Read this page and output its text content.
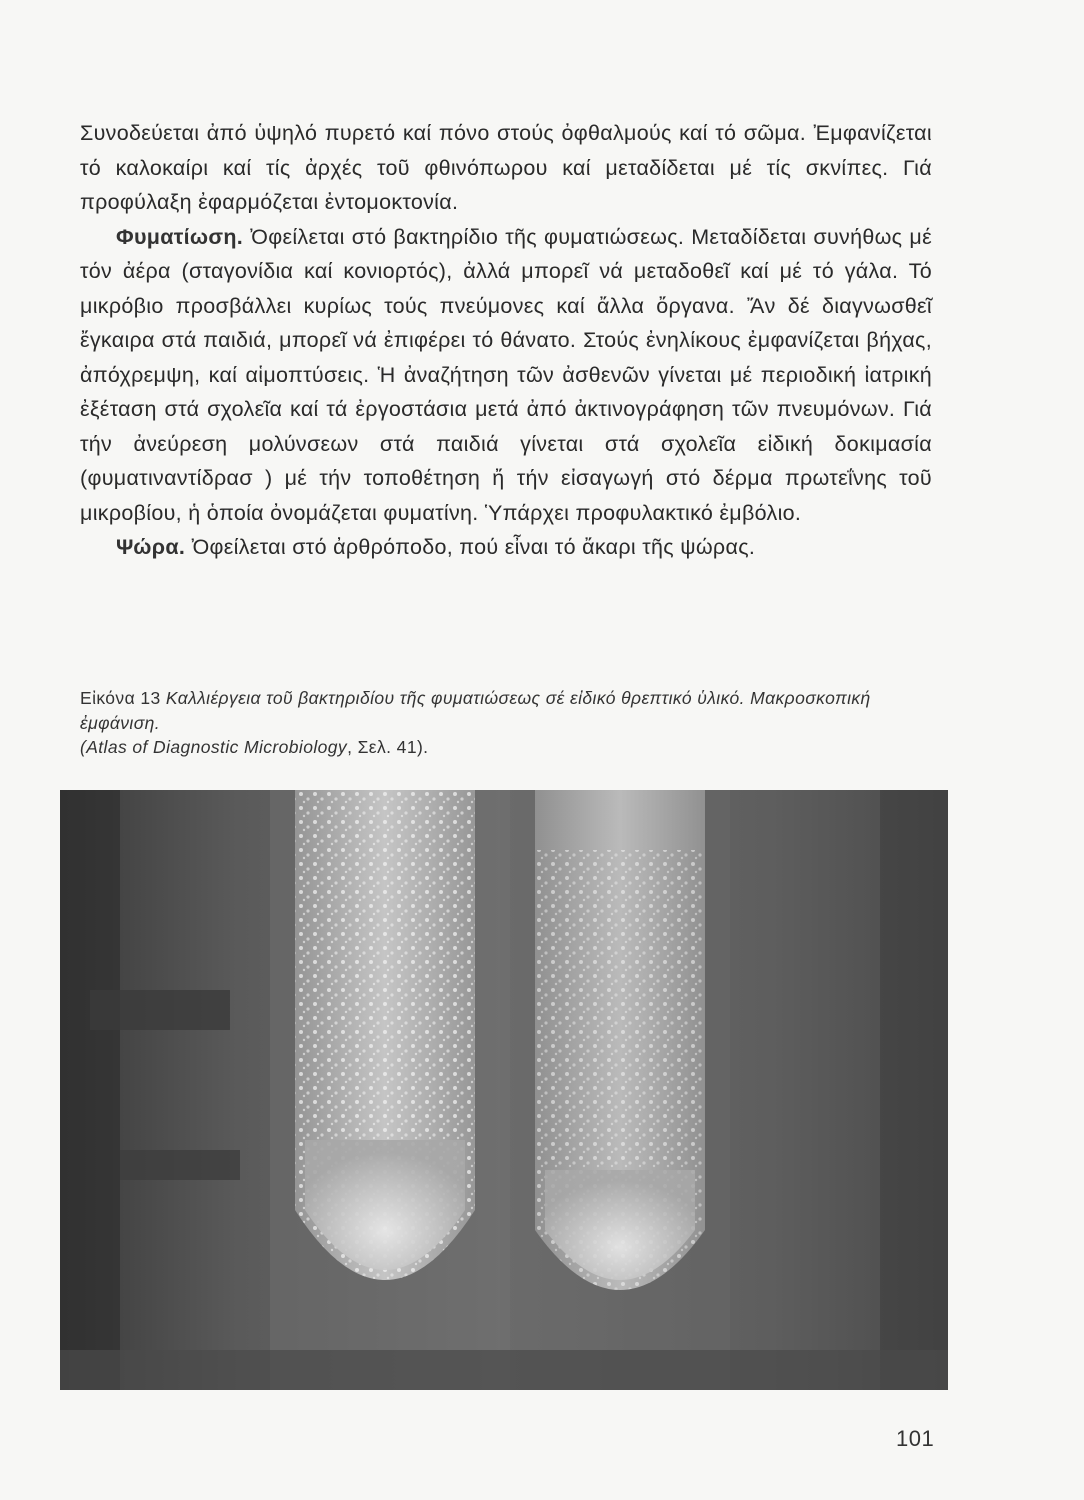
Συνοδεύεται ἀπό ὑψηλό πυρετό καί πόνο στούς ὀφθαλμούς καί τό σῶμα. Ἐμφανίζεται τό καλοκαίρι καί τίς ἀρχές τοῦ φθινόπωρου καί μεταδίδεται μέ τίς σκνίπες. Γιά προφύλαξη ἐφαρμόζεται ἐντομοκτονία.

Φυματίωση. Ὀφείλεται στό βακτηρίδιο τῆς φυματιώσεως. Μεταδίδεται συνήθως μέ τόν ἀέρα (σταγονίδια καί κονιορτός), ἀλλά μπορεῖ νά μεταδοθεῖ καί μέ τό γάλα. Τό μικρόβιο προσβάλλει κυρίως τούς πνεύμονες καί ἄλλα ὄργανα. Ἄν δέ διαγνωσθεῖ ἔγκαιρα στά παιδιά, μπορεῖ νά ἐπιφέρει τό θάνατο. Στούς ἐνηλίκους ἐμφανίζεται βήχας, ἀπόχρεμψη, καί αἱμοπτύσεις. Ἡ ἀναζήτηση τῶν ἀσθενῶν γίνεται μέ περιοδική ἰατρική ἐξέταση στά σχολεῖα καί τά ἐργοστάσια μετά ἀπό ἀκτινογράφηση τῶν πνευμόνων. Γιά τήν ἀνεύρεση μολύνσεων στά παιδιά γίνεται στά σχολεῖα εἰδική δοκιμασία (φυματιναντίδρασ ) μέ τήν τοποθέτηση ἤ τήν εἰσαγωγή στό δέρμα πρωτεΐνης τοῦ μικροβίου, ἡ ὁποία ὀνομάζεται φυματίνη. Ὑπάρχει προφυλακτικό ἐμβόλιο.

Ψώρα. Ὀφείλεται στό ἀρθρόποδο, πού εἶναι τό ἄκαρι τῆς ψώρας.

Εἰκόνα 13 Καλλιέργεια τοῦ βακτηριδίου τῆς φυματιώσεως σέ εἰδικό θρεπτικό ὑλικό. Μακροσκοπική ἐμφάνιση.
(Atlas of Diagnostic Microbiology, Σελ. 41).
101
